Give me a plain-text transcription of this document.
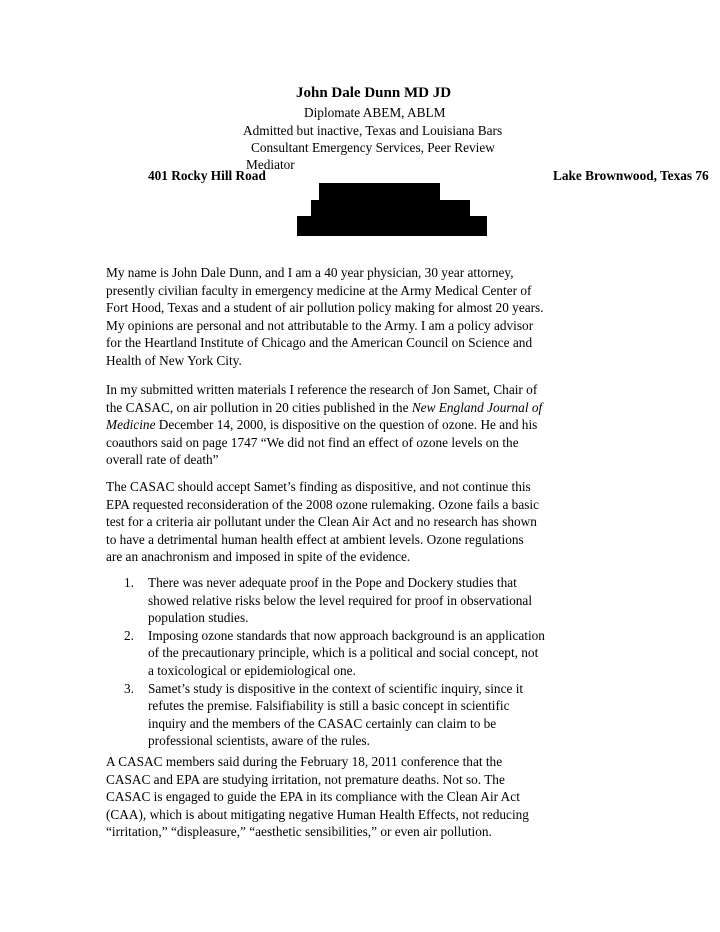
John Dale Dunn MD JD
Diplomate ABEM, ABLM
Admitted but inactive, Texas and Louisiana Bars
Consultant Emergency Services, Peer Review
Mediator
401 Rocky Hill Road	Lake Brownwood, Texas 76
My name is John Dale Dunn, and I am a 40 year physician, 30 year attorney,
presently civilian faculty in emergency medicine at the Army Medical Center of
Fort Hood, Texas and a student of air pollution policy making for almost 20 years.
My opinions are personal and not attributable to the Army. I am a policy advisor
for the Heartland Institute of Chicago and the American Council on Science and
Health of New York City.
In my submitted written materials I reference the research of Jon Samet, Chair of
the CASAC, on air pollution in 20 cities published in the New England Journal of
Medicine December 14, 2000, is dispositive on the question of ozone. He and his
coauthors said on page 1747 “We did not find an effect of ozone levels on the
overall rate of death”
The CASAC should accept Samet’s finding as dispositive, and not continue this
EPA requested reconsideration of the 2008 ozone rulemaking. Ozone fails a basic
test for a criteria air pollutant under the Clean Air Act and no research has shown
to have a detrimental human health effect at ambient levels. Ozone regulations
are an anachronism and imposed in spite of the evidence.
1. There was never adequate proof in the Pope and Dockery studies that
showed relative risks below the level required for proof in observational
population studies.
2. Imposing ozone standards that now approach background is an application
of the precautionary principle, which is a political and social concept, not
a toxicological or epidemiological one.
3. Samet’s study is dispositive in the context of scientific inquiry, since it
refutes the premise. Falsifiability is still a basic concept in scientific
inquiry and the members of the CASAC certainly can claim to be
professional scientists, aware of the rules.
A CASAC members said during the February 18, 2011 conference that the
CASAC and EPA are studying irritation, not premature deaths. Not so. The
CASAC is engaged to guide the EPA in its compliance with the Clean Air Act
(CAA), which is about mitigating negative Human Health Effects, not reducing
“irritation,” “displeasure,” “aesthetic sensibilities,” or even air pollution.
